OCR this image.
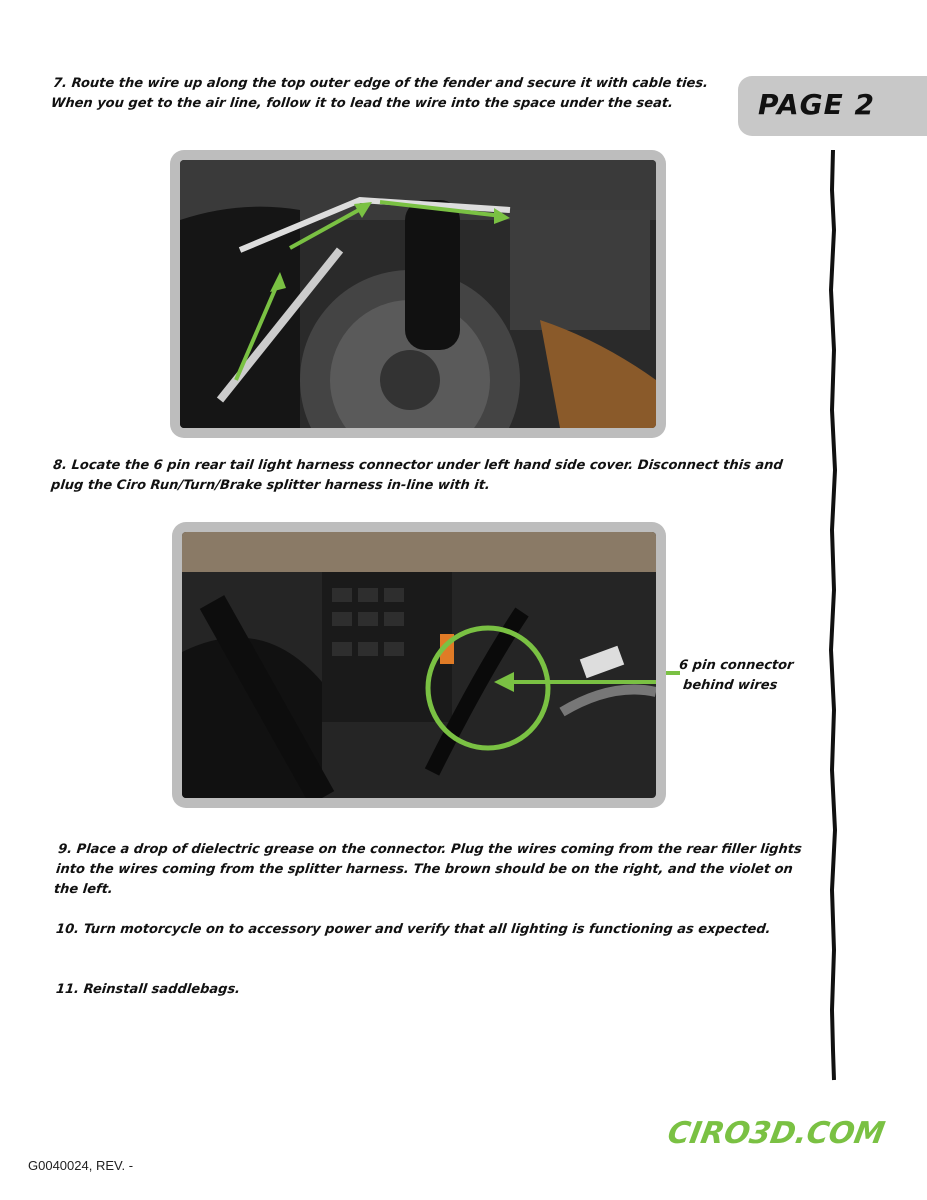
PAGE 2

7. Route the wire up along the top outer edge of the fender and secure it with cable ties. When you get to the air line, follow it to lead the wire into the space under the seat.

8. Locate the 6 pin rear tail light harness connector under left hand side cover. Disconnect this and plug the Ciro Run/Turn/Brake splitter harness in-line with it.

6 pin connector
behind wires

9. Place a drop of dielectric grease on the connector. Plug the wires coming from the rear filler lights into the wires coming from the splitter harness. The brown should be on the right, and the violet on the left.

10. Turn motorcycle on to accessory power and verify that all lighting is functioning as expected.

11. Reinstall saddlebags.

CIRO3D.COM
G0040024, REV. -
